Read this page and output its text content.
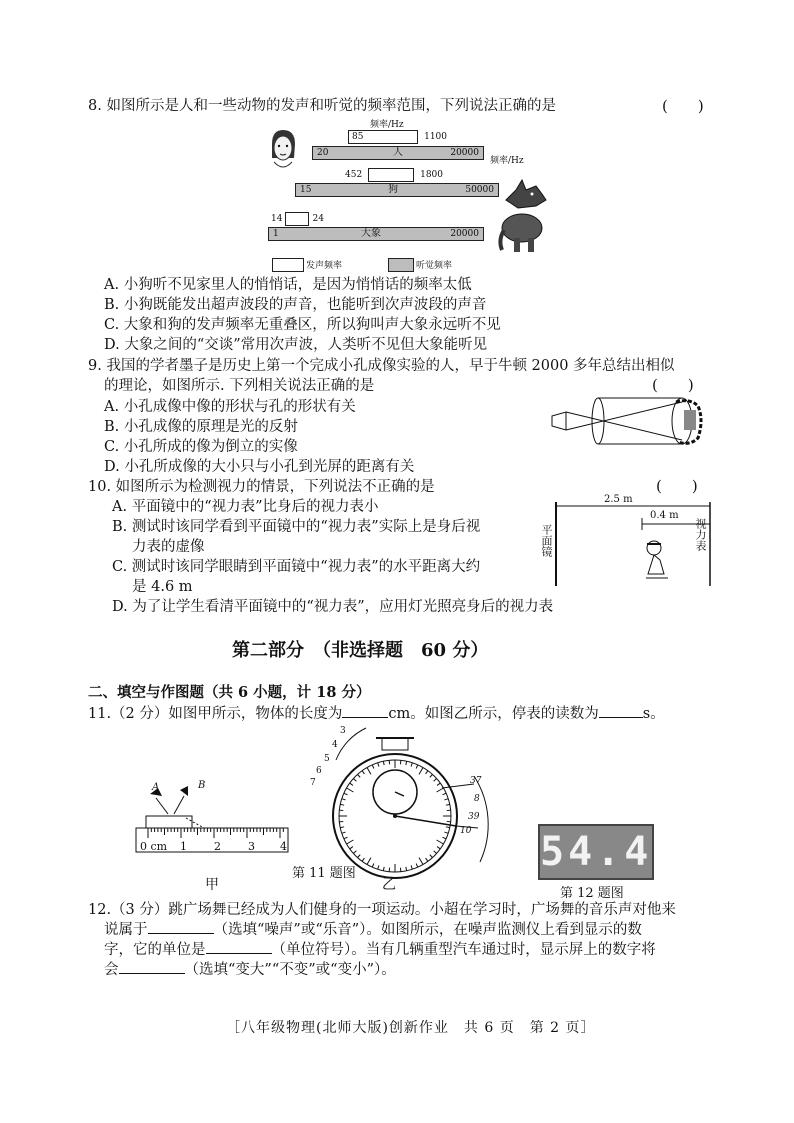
8. 如图所示是人和一些动物的发声和听觉的频率范围，下列说法正确的是	(　　)
频率/Hz
频率/Hz
85	1100
20	人	20000
452	1800
15	狗	50000
14	24
1	大象	20000
发声频率	听觉频率
A. 小狗听不见家里人的悄悄话，是因为悄悄话的频率太低
B. 小狗既能发出超声波段的声音，也能听到次声波段的声音
C. 大象和狗的发声频率无重叠区，所以狗叫声大象永远听不见
D. 大象之间的“交谈”常用次声波，人类听不见但大象能听见
9. 我国的学者墨子是历史上第一个完成小孔成像实验的人，早于牛顿 2000 多年总结出相似
的理论，如图所示. 下列相关说法正确的是	(　　)
A. 小孔成像中像的形状与孔的形状有关
B. 小孔成像的原理是光的反射
C. 小孔所成的像为倒立的实像
D. 小孔所成像的大小只与小孔到光屏的距离有关
10. 如图所示为检测视力的情景，下列说法不正确的是	(　　)
2.5 m
0.4 m
平面镜	视力表
A. 平面镜中的“视力表”比身后的视力表小
B. 测试时该同学看到平面镜中的“视力表”实际上是身后视
力表的虚像
C. 测试时该同学眼睛到平面镜中“视力表”的水平距离大约
是 4.6 m
D. 为了让学生看清平面镜中的“视力表”，应用灯光照亮身后的视力表
第二部分　（非选择题　60 分）
二、填空与作图题（共 6 小题，计 18 分）
11.（2 分）如图甲所示，物体的长度为	cm。如图乙所示，停表的读数为	s。
A	B
0 cm 1 2 3 4
甲
3
4
5
6
7	37
8
39
10
乙
第 11 题图	54.4
第 12 题图
12.（3 分）跳广场舞已经成为人们健身的一项运动。小超在学习时，广场舞的音乐声对他来
说属于	（选填“噪声”或“乐音”）。如图所示，在噪声监测仪上看到显示的数
字，它的单位是	（单位符号）。当有几辆重型汽车通过时，显示屏上的数字将
会	（选填“变大”“不变”或“变小”）。
［八年级物理(北师大版)创新作业　共 6 页　第 2 页］
